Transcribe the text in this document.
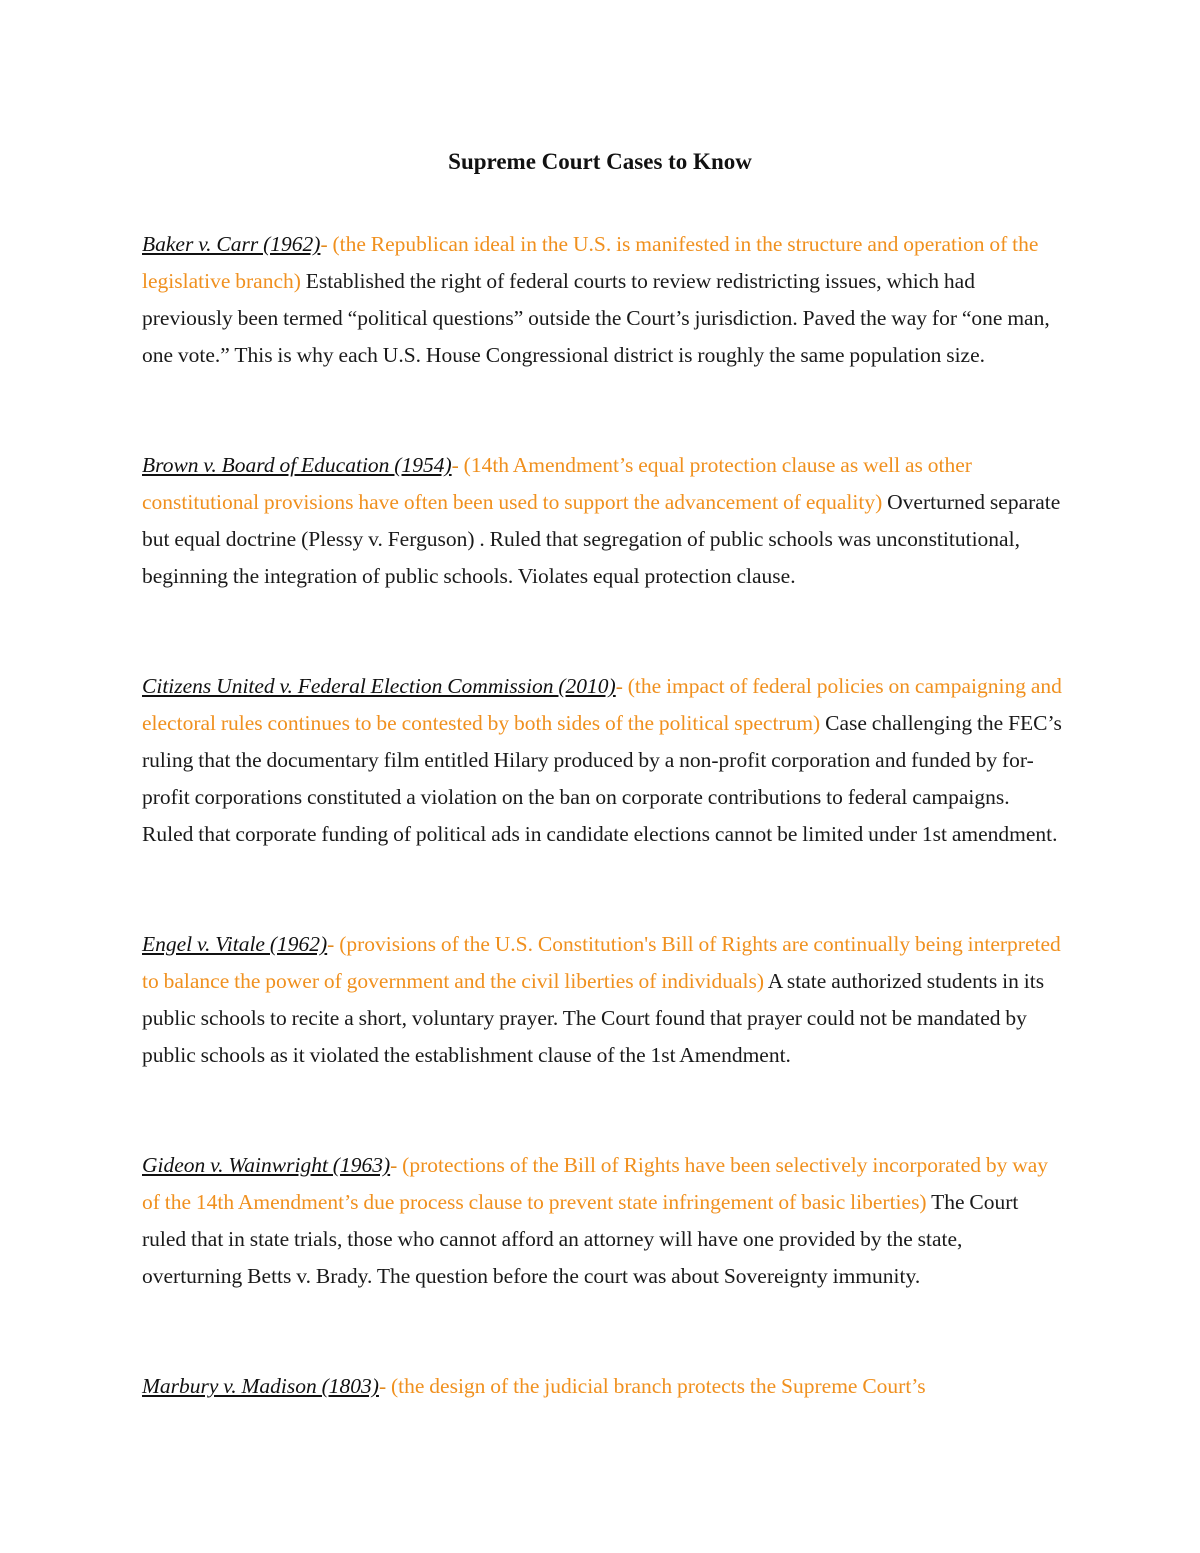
Supreme Court Cases to Know

Baker v. Carr (1962)- (the Republican ideal in the U.S. is manifested in the structure and operation of the legislative branch) Established the right of federal courts to review redistricting issues, which had previously been termed “political questions” outside the Court’s jurisdiction. Paved the way for “one man, one vote.” This is why each U.S. House Congressional district is roughly the same population size.

Brown v. Board of Education (1954)- (14th Amendment’s equal protection clause as well as other constitutional provisions have often been used to support the advancement of equality) Overturned separate but equal doctrine (Plessy v. Ferguson) . Ruled that segregation of public schools was unconstitutional, beginning the integration of public schools. Violates equal protection clause.

Citizens United v. Federal Election Commission (2010)- (the impact of federal policies on campaigning and electoral rules continues to be contested by both sides of the political spectrum) Case challenging the FEC’s ruling that the documentary film entitled Hilary produced by a non-profit corporation and funded by for-profit corporations constituted a violation on the ban on corporate contributions to federal campaigns. Ruled that corporate funding of political ads in candidate elections cannot be limited under 1st amendment.

Engel v. Vitale (1962)- (provisions of the U.S. Constitution's Bill of Rights are continually being interpreted to balance the power of government and the civil liberties of individuals) A state authorized students in its public schools to recite a short, voluntary prayer. The Court found that prayer could not be mandated by public schools as it violated the establishment clause of the 1st Amendment.

Gideon v. Wainwright (1963)- (protections of the Bill of Rights have been selectively incorporated by way of the 14th Amendment’s due process clause to prevent state infringement of basic liberties) The Court ruled that in state trials, those who cannot afford an attorney will have one provided by the state, overturning Betts v. Brady. The question before the court was about Sovereignty immunity.

Marbury v. Madison (1803)- (the design of the judicial branch protects the Supreme Court’s
